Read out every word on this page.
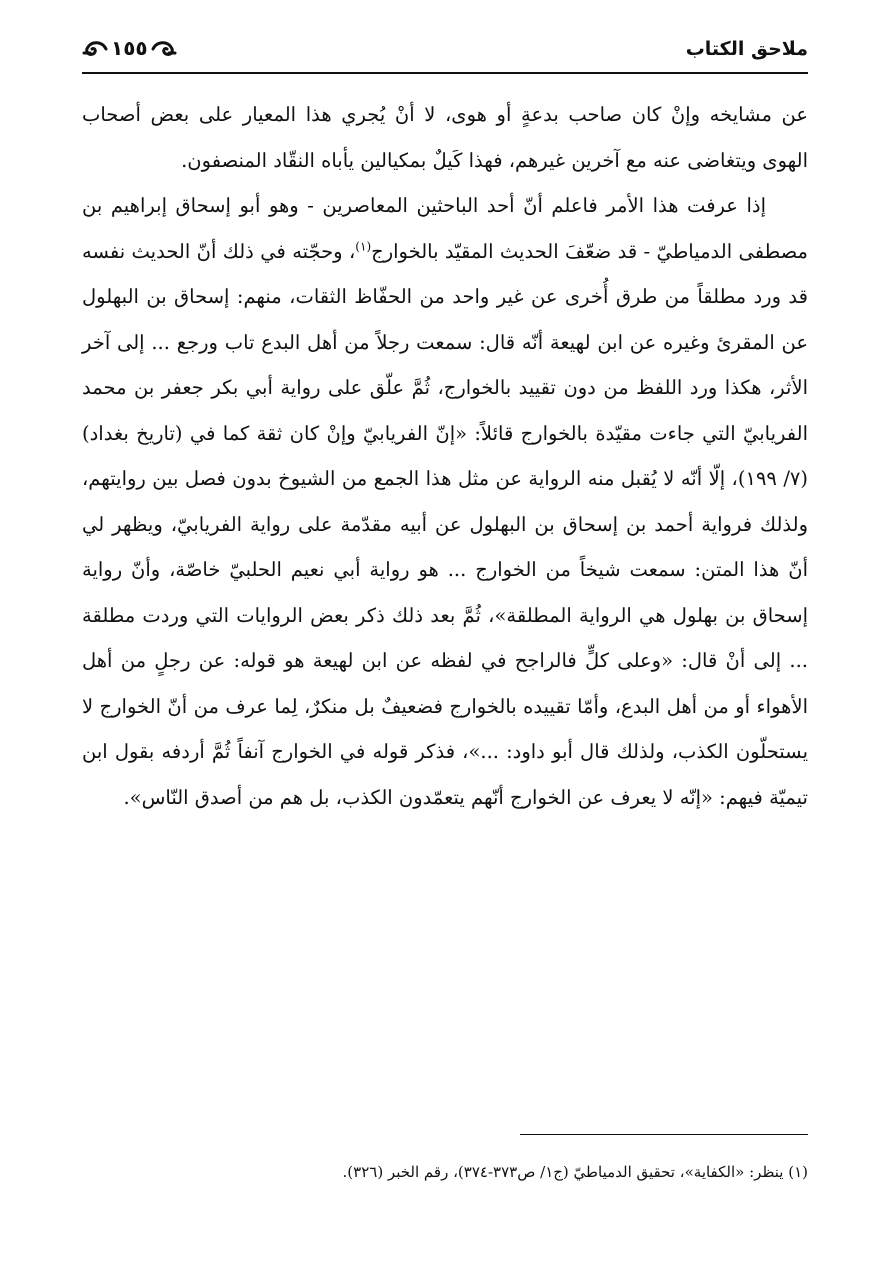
ملاحق الكتاب
١٥٥

عن مشايخه وإنْ كان صاحب بدعةٍ أو هوى، لا أنْ يُجري هذا المعيار على بعض أصحاب الهوى ويتغاضى عنه مع آخرين غيرهم، فهذا كَيلٌ بمكيالين يأباه النقّاد المنصفون.

إذا عرفت هذا الأمر فاعلم أنّ أحد الباحثين المعاصرين - وهو أبو إسحاق إبراهيم بن مصطفى الدمياطيّ - قد ضعّفَ الحديث المقيّد بالخوارج$^{(١)}$، وحجّته في ذلك أنّ الحديث نفسه قد ورد مطلقاً من طرق أُخرى عن غير واحد من الحفّاظ الثقات، منهم: إسحاق بن البهلول عن المقرئ وغيره عن ابن لهيعة أنّه قال: سمعت رجلاً من أهل البدع تاب ورجع ... إلى آخر الأثر، هكذا ورد اللفظ من دون تقييد بالخوارج، ثُمَّ علّق على رواية أبي بكر جعفر بن محمد الفريابيّ التي جاءت مقيّدة بالخوارج قائلاً: «إنّ الفريابيّ وإنْ كان ثقة كما في (تاريخ بغداد) (٧/ ١٩٩)، إلّا أنّه لا يُقبل منه الرواية عن مثل هذا الجمع من الشيوخ بدون فصل بين روايتهم، ولذلك فرواية أحمد بن إسحاق بن البهلول عن أبيه مقدّمة على رواية الفريابيّ، ويظهر لي أنّ هذا المتن: سمعت شيخاً من الخوارج ... هو رواية أبي نعيم الحلبيّ خاصّة، وأنّ رواية إسحاق بن بهلول هي الرواية المطلقة»، ثُمَّ بعد ذلك ذكر بعض الروايات التي وردت مطلقة ... إلى أنْ قال: «وعلى كلٍّ فالراجح في لفظه عن ابن لهيعة هو قوله: عن رجلٍ من أهل الأهواء أو من أهل البدع، وأمّا تقييده بالخوارج فضعيفٌ بل منكرٌ، لِما عرف من أنّ الخوارج لا يستحلّون الكذب، ولذلك قال أبو داود: ...»، فذكر قوله في الخوارج آنفاً ثُمَّ أردفه بقول ابن تيميّة فيهم: «إنّه لا يعرف عن الخوارج أنّهم يتعمّدون الكذب، بل هم من أصدق النّاس».

(١) ينظر: «الكفاية»، تحقيق الدمياطيّ (ج١/ ص٣٧٣-٣٧٤)، رقم الخبر (٣٢٦).
